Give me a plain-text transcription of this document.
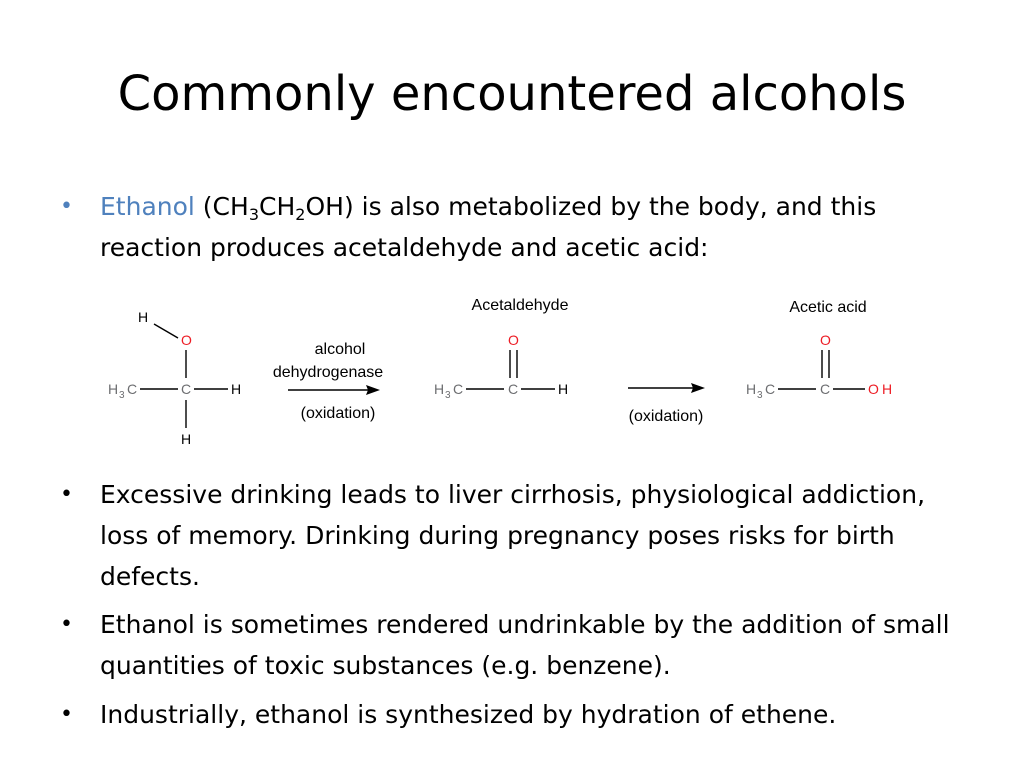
Commonly encountered alcohols
• Ethanol $(CH_3CH_2OH)$ is also metabolized by the body, and this reaction produces acetaldehyde and acetic acid:
H
O
H 3 C	C	H
H
alcohol
dehydrogenase
(oxidation)
Acetaldehyde
O
H 3 C	C	H
(oxidation)
Acetic acid
O
H 3 C	C	O H
• Excessive drinking leads to liver cirrhosis, physiological addiction, loss of memory. Drinking during pregnancy poses risks for birth defects.
• Ethanol is sometimes rendered undrinkable by the addition of small quantities of toxic substances (e.g. benzene).
• Industrially, ethanol is synthesized by hydration of ethene.
